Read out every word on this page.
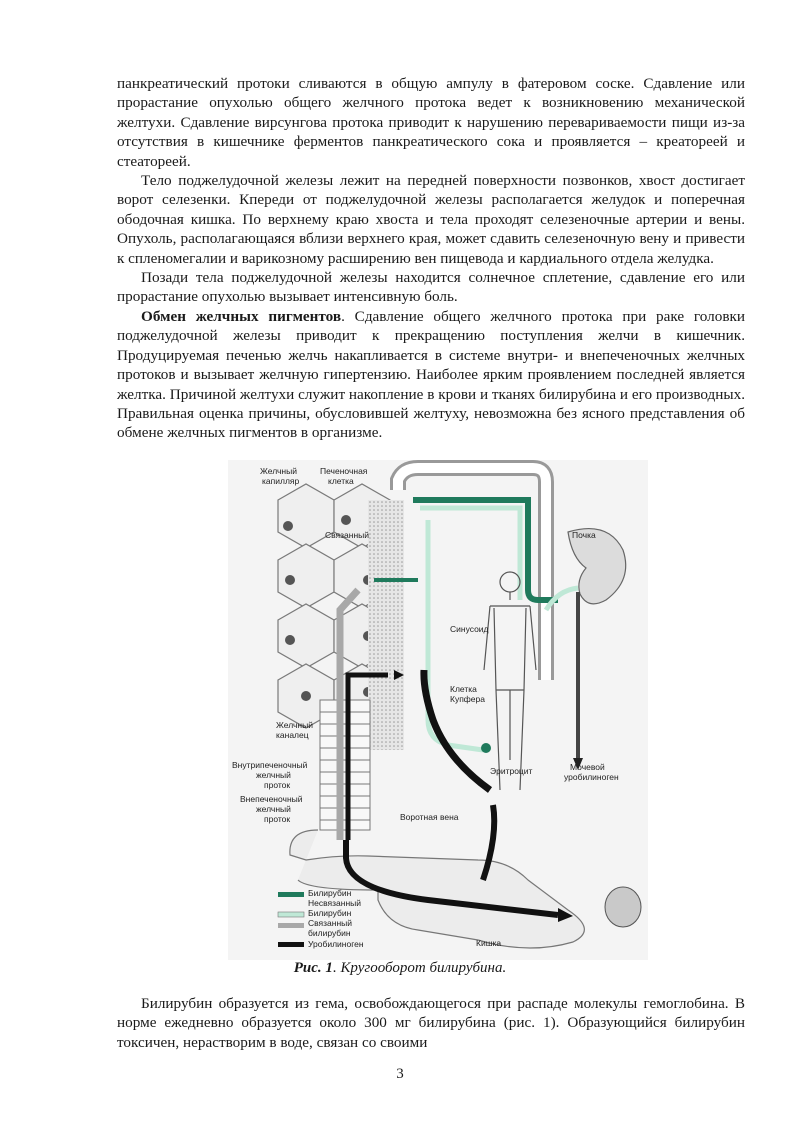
панкреатический протоки сливаются в общую ампулу в фатеровом соске. Сдавление или прорастание опухолью общего желчного протока ведет к возникновению механической желтухи. Сдавление вирсунгова протока приводит к нарушению перевариваемости пищи из-за отсутствия в кишечнике ферментов панкреатического сока и проявляется – креатореей и стеатореей.

Тело поджелудочной железы лежит на передней поверхности позвонков, хвост достигает ворот селезенки. Кпереди от поджелудочной железы располагается желудок и поперечная ободочная кишка. По верхнему краю хвоста и тела проходят селезеночные артерии и вены. Опухоль, располагающаяся вблизи верхнего края, может сдавить селезеночную вену и привести к спленомегалии и варикозному расширению вен пищевода и кардиального отдела желудка.

Позади тела поджелудочной железы находится солнечное сплетение, сдавление его или прорастание опухолью вызывает интенсивную боль.

Обмен желчных пигментов. Сдавление общего желчного протока при раке головки поджелудочной железы приводит к прекращению поступления желчи в кишечник. Продуцируемая печенью желчь накапливается в системе внутри- и внепеченочных желчных протоков и вызывает желчную гипертензию. Наиболее ярким проявлением последней является желтка. Причиной желтухи служит накопление в крови и тканях билирубина и его производных. Правильная оценка причины, обусловившей желтуху, невозможна без ясного представления об обмене желчных пигментов в организме.

Желчный
капилляр
Печеночная
клетка
Связанный
Синусоид
Клетка
Купфера
Желчный
каналец
Внутрипеченочный
желчный
проток
Внепеченочный
желчный
проток	Воротная вена
Эритроцит	Мочевой
уробилиноген
Почка
Кишка
Билирубин
Несвязанный
Билирубин
Связанный
билирубин
Уробилиноген
Рис. 1. Кругооборот билирубина.

Билирубин образуется из гема, освобождающегося при распаде молекулы гемоглобина. В норме ежедневно образуется около 300 мг билирубина (рис. 1). Образующийся билирубин токсичен, нерастворим в воде, связан со своими

3
